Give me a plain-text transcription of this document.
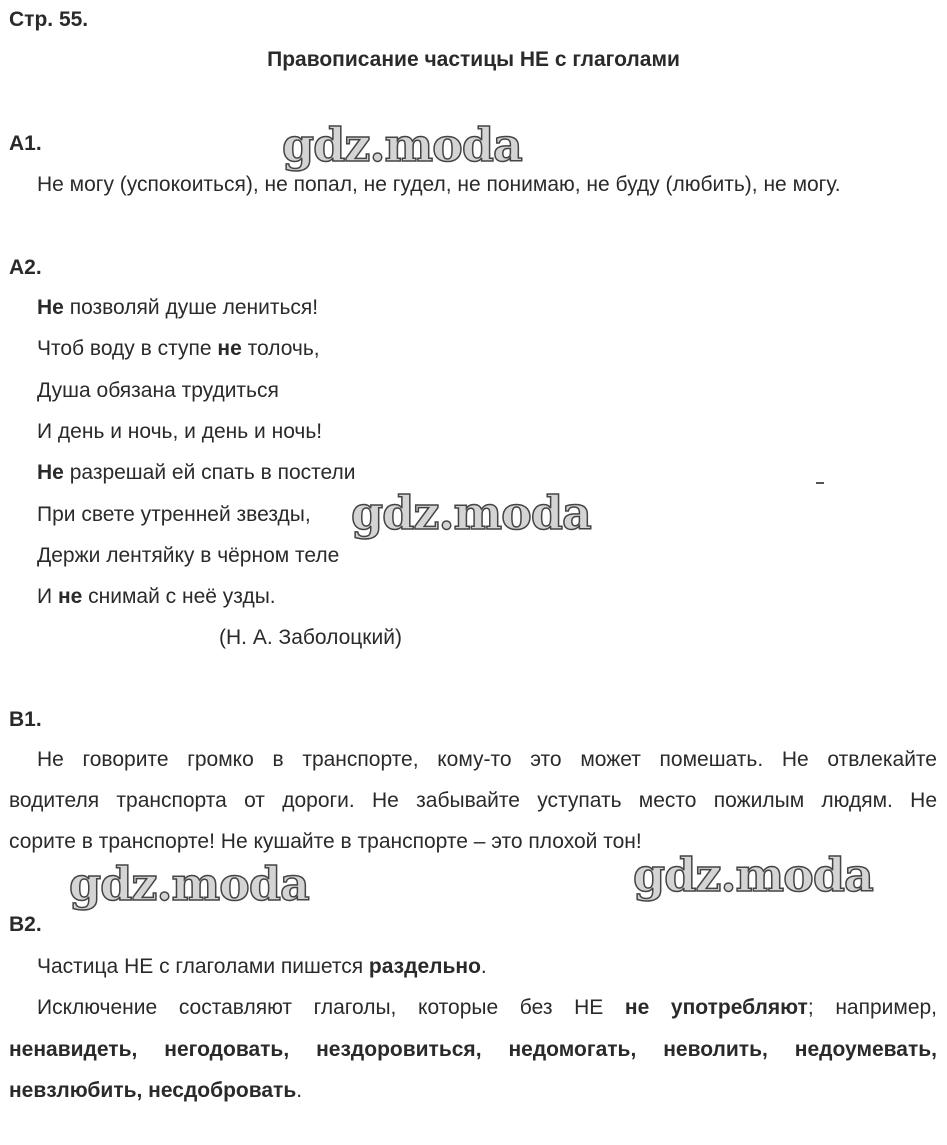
Стр. 55.
Правописание частицы НЕ с глаголами
А1.
Не могу (успокоиться), не попал, не гудел, не понимаю, не буду (любить), не могу.
А2.
Не позволяй душе лениться!
Чтоб воду в ступе не толочь,
Душа обязана трудиться
И день и ночь, и день и ночь!
Не разрешай ей спать в постели
При свете утренней звезды,
Держи лентяйку в чёрном теле
И не снимай с неё узды.
(Н. А. Заболоцкий)
В1.
Не говорите громко в транспорте, кому-то это может помешать. Не отвлекайте
водителя транспорта от дороги. Не забывайте уступать место пожилым людям. Не
сорите в транспорте! Не кушайте в транспорте – это плохой тон!
В2.
Частица НЕ с глаголами пишется раздельно.
Исключение составляют глаголы, которые без НЕ не употребляют; например,
ненавидеть, негодовать, нездоровиться, недомогать, неволить, недоумевать,
невзлюбить, несдобровать.
gdz.moda
gdz.moda
gdz.moda	gdz.moda
